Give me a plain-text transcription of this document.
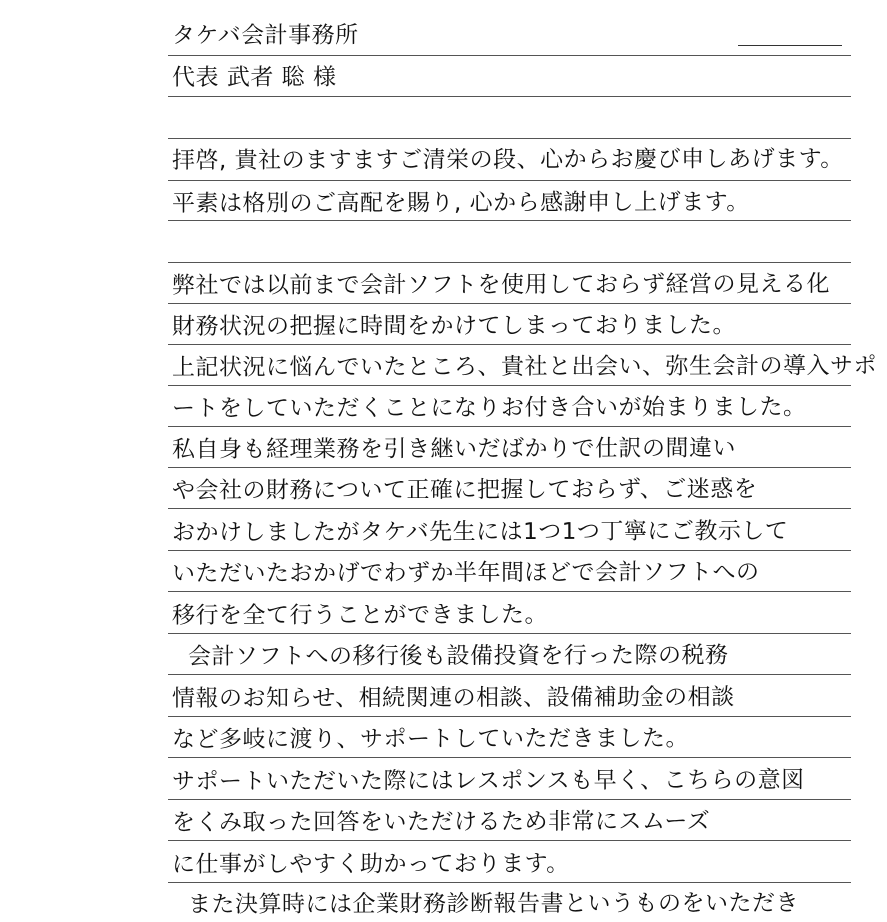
タケバ会計事務所
代表 武者 聡 様
拝啓, 貴社のますますご清栄の段、心からお慶び申しあげます。
平素は格別のご高配を賜り, 心から感謝申し上げます。
弊社では以前まで会計ソフトを使用しておらず経営の見える化
財務状況の把握に時間をかけてしまっておりました。
上記状況に悩んでいたところ、貴社と出会い、弥生会計の導入サポ
ートをしていただくことになりお付き合いが始まりました。
私自身も経理業務を引き継いだばかりで仕訳の間違い
や会社の財務について正確に把握しておらず、ご迷惑を
おかけしましたがタケバ先生には1つ1つ丁寧にご教示して
いただいたおかげでわずか半年間ほどで会計ソフトへの
移行を全て行うことができました。
会計ソフトへの移行後も設備投資を行った際の税務
情報のお知らせ、相続関連の相談、設備補助金の相談
など多岐に渡り、サポートしていただきました。
サポートいただいた際にはレスポンスも早く、こちらの意図
をくみ取った回答をいただけるため非常にスムーズ
に仕事がしやすく助かっております。
また決算時には企業財務診断報告書というものをいただき
